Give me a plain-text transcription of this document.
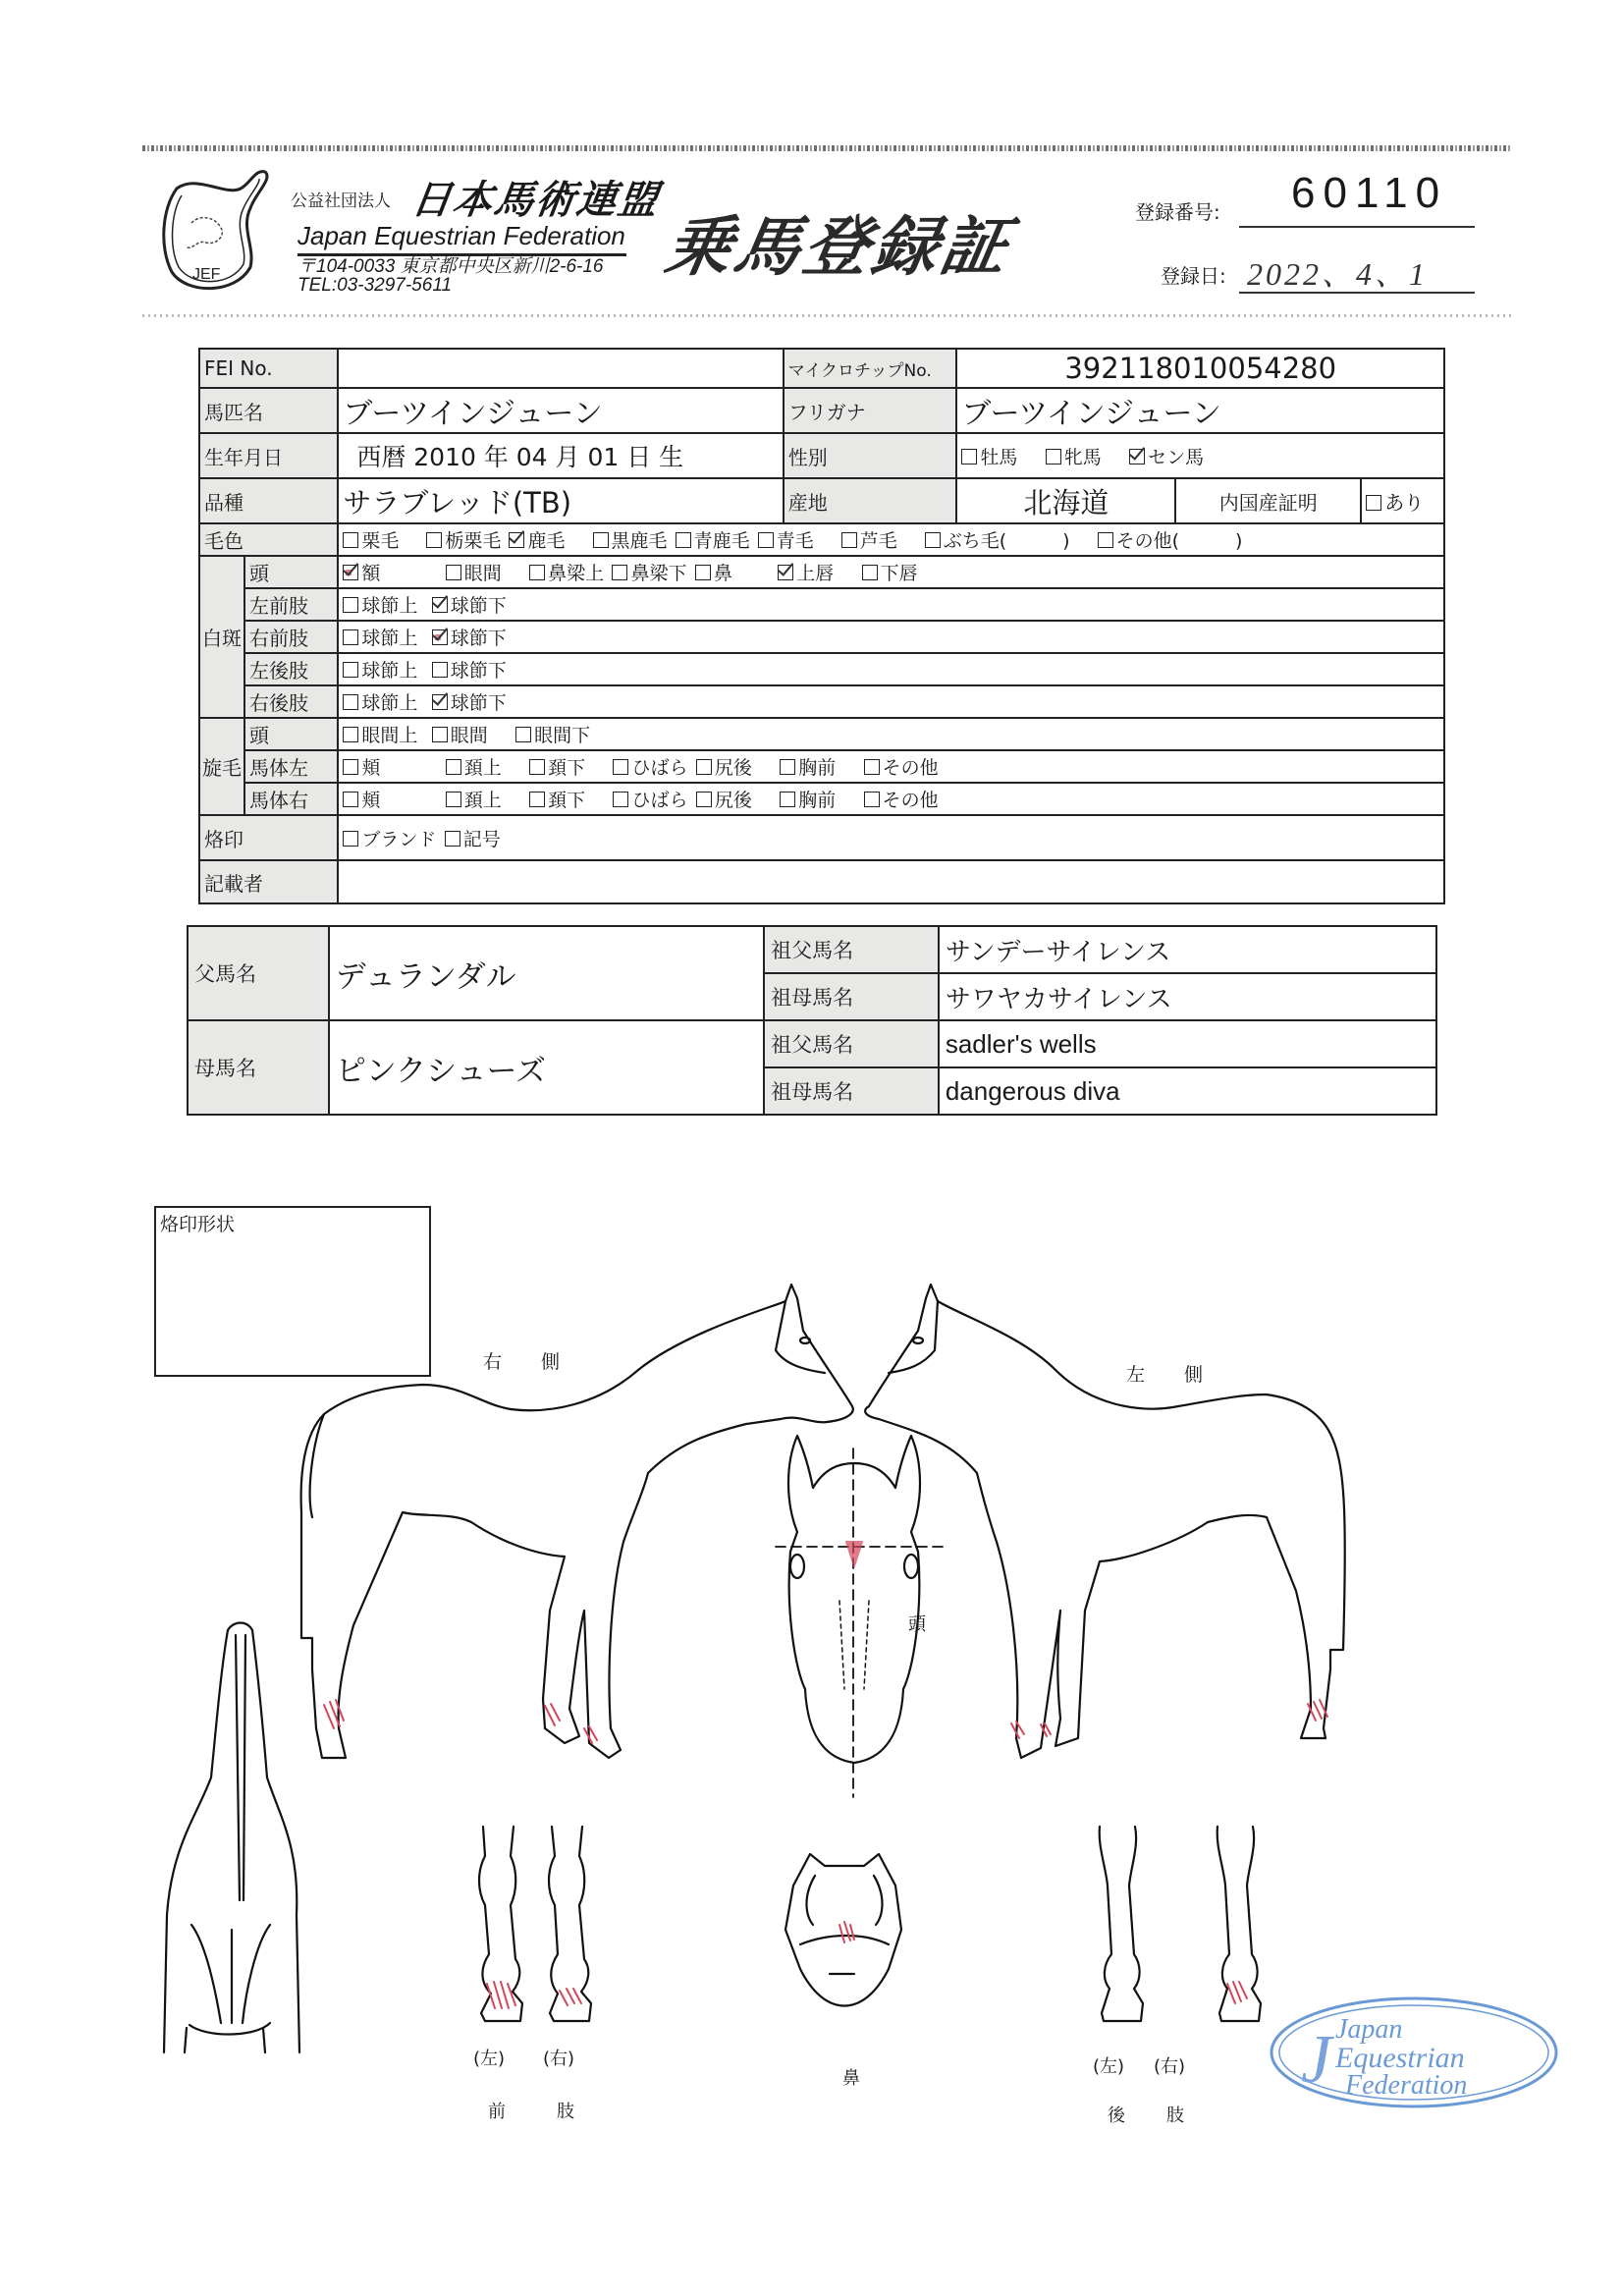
JEF
公益社団法人 日本馬術連盟
Japan Equestrian Federation
〒104-0033 東京都中央区新川2-6-16
TEL:03-3297-5611
乗馬登録証	登録番号: 60110
登録日: 2022、4、1
FEI No.			マイクロチップNo.	392118010054280		
馬匹名		ブーツインジューン	フリガナ	ブーツインジューン		
生年月日		西暦 2010 年 04 月 01 日 生	性別	牡馬 牝馬 セン馬		
品種		サラブレッド(TB)	産地	北海道	内国産証明	あり
毛色		栗毛 栃栗毛 鹿毛 黒鹿毛 青鹿毛 青毛 芦毛 ぶち毛(　　　) その他(　　　)				
白斑	頭	額 眼間 鼻梁上 鼻梁下 鼻 上唇 下唇				
	左前肢	球節上 球節下				
	右前肢	球節上 球節下				
	左後肢	球節上 球節下				
	右後肢	球節上 球節下				
旋毛	頭	眼間上 眼間 眼間下				
	馬体左	頬 頚上 頚下 ひばら 尻後 胸前 その他				
	馬体右	頬 頚上 頚下 ひばら 尻後 胸前 その他				
烙印		ブランド 記号				
記載者						
父馬名	デュランダル	祖父馬名	サンデーサイレンス
		祖母馬名	サワヤカサイレンス
母馬名	ピンクシューズ	祖父馬名	sadler's wells
		祖母馬名	dangerous diva
烙印形状
右側
左側
頭
鼻
(左) (右)
前	肢
(左) (右)
後 肢
J Japan
Equestrian
Federation
